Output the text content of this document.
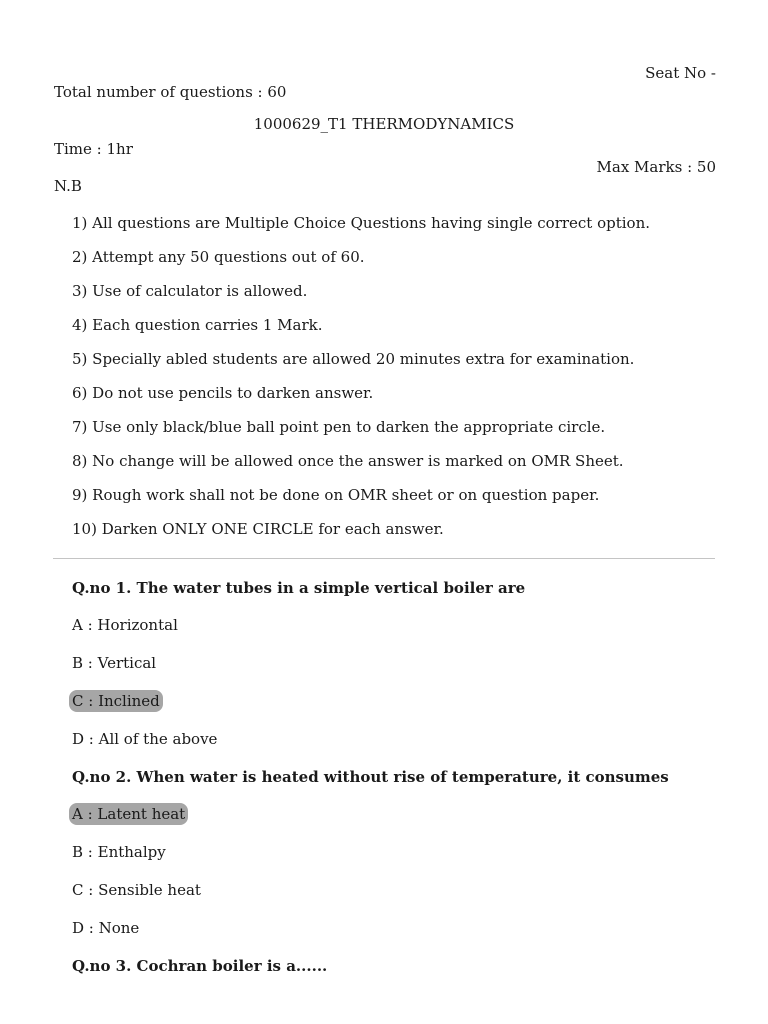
Seat No -
Total number of questions : 60
1000629_T1 THERMODYNAMICS
Time : 1hr
Max Marks : 50
N.B
1) All questions are Multiple Choice Questions having single correct option.
2) Attempt any 50 questions out of 60.
3) Use of calculator is allowed.
4) Each question carries 1 Mark.
5) Specially abled students are allowed 20 minutes extra for examination.
6) Do not use pencils to darken answer.
7) Use only black/blue ball point pen to darken the appropriate circle.
8) No change will be allowed once the answer is marked on OMR Sheet.
9) Rough work shall not be done on OMR sheet or on question paper.
10) Darken ONLY ONE CIRCLE for each answer.
Q.no 1. The water tubes in a simple vertical boiler are
A : Horizontal
B : Vertical
C : Inclined
D : All of the above
Q.no 2. When water is heated without rise of temperature, it consumes
A : Latent heat
B : Enthalpy
C : Sensible heat
D : None
Q.no 3. Cochran boiler is a......
